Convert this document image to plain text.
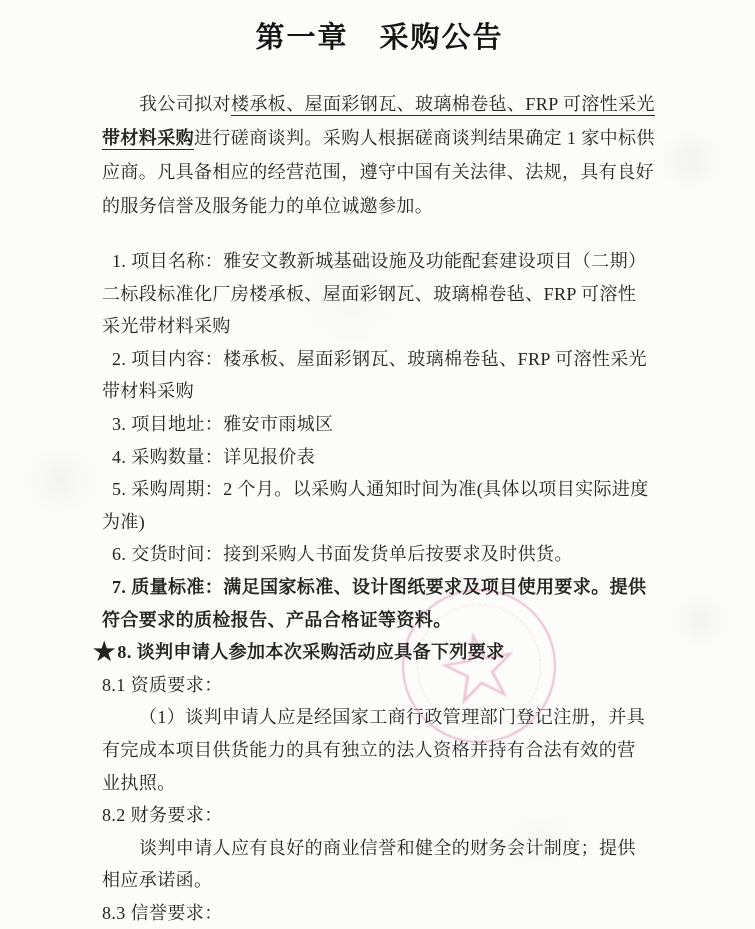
☆
第一章　采购公告
我公司拟对楼承板、屋面彩钢瓦、玻璃棉卷毡、FRP 可溶性采光
带材料采购进行磋商谈判。采购人根据磋商谈判结果确定 1 家中标供
应商。凡具备相应的经营范围，遵守中国有关法律、法规，具有良好
的服务信誉及服务能力的单位诚邀参加。
1. 项目名称：雅安文教新城基础设施及功能配套建设项目（二期）
二标段标准化厂房楼承板、屋面彩钢瓦、玻璃棉卷毡、FRP 可溶性
采光带材料采购
2. 项目内容：楼承板、屋面彩钢瓦、玻璃棉卷毡、FRP 可溶性采光
带材料采购
3. 项目地址：雅安市雨城区
4. 采购数量：详见报价表
5. 采购周期：2 个月。以采购人通知时间为准(具体以项目实际进度
为准)
6. 交货时间：接到采购人书面发货单后按要求及时供货。
7. 质量标准：满足国家标准、设计图纸要求及项目使用要求。提供
符合要求的质检报告、产品合格证等资料。
★ 8. 谈判申请人参加本次采购活动应具备下列要求
8.1 资质要求：
（1）谈判申请人应是经国家工商行政管理部门登记注册，并具
有完成本项目供货能力的具有独立的法人资格并持有合法有效的营
业执照。
8.2 财务要求：
谈判申请人应有良好的商业信誉和健全的财务会计制度；提供
相应承诺函。
8.3 信誉要求：
